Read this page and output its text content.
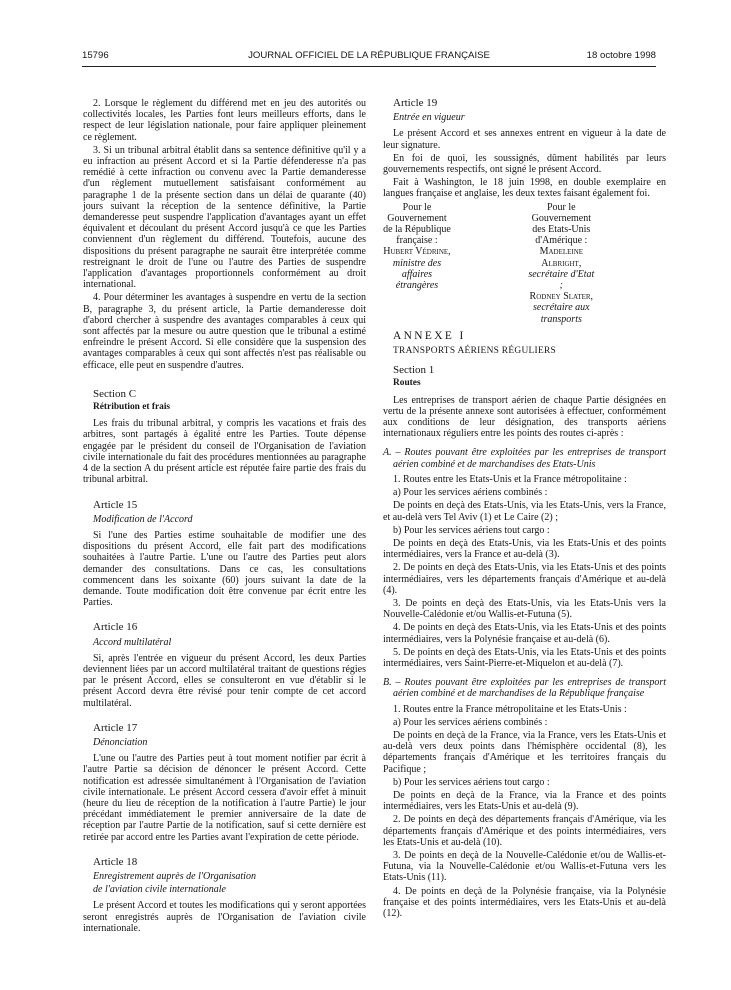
15796	JOURNAL OFFICIEL DE LA RÉPUBLIQUE FRANÇAISE	18 octobre 1998

2. Lorsque le règlement du différend met en jeu des autorités ou collectivités locales, les Parties font leurs meilleurs efforts, dans le respect de leur législation nationale, pour faire appliquer pleinement ce règlement.

3. Si un tribunal arbitral établit dans sa sentence définitive qu'il y a eu infraction au présent Accord et si la Partie défenderesse n'a pas remédié à cette infraction ou convenu avec la Partie demanderesse d'un règlement mutuellement satisfaisant conformément au paragraphe 1 de la présente section dans un délai de quarante (40) jours suivant la réception de la sentence définitive, la Partie demanderesse peut suspendre l'application d'avantages ayant un effet équivalent et découlant du présent Accord jusqu'à ce que les Parties conviennent d'un règlement du différend. Toutefois, aucune des dispositions du présent paragraphe ne saurait être interprétée comme restreignant le droit de l'une ou l'autre des Parties de suspendre l'application d'avantages proportionnels conformément au droit international.

4. Pour déterminer les avantages à suspendre en vertu de la section B, paragraphe 3, du présent article, la Partie demanderesse doit d'abord chercher à suspendre des avantages comparables à ceux qui sont affectés par la mesure ou autre question que le tribunal a estimé enfreindre le présent Accord. Si elle considère que la suspension des avantages comparables à ceux qui sont affectés n'est pas réalisable ou efficace, elle peut en suspendre d'autres.

Section C

Rétribution et frais

Les frais du tribunal arbitral, y compris les vacations et frais des arbitres, sont partagés à égalité entre les Parties. Toute dépense engagée par le président du conseil de l'Organisation de l'aviation civile internationale du fait des procédures mentionnées au paragraphe 4 de la section A du présent article est réputée faire partie des frais du tribunal arbitral.

Article 15

Modification de l'Accord

Si l'une des Parties estime souhaitable de modifier une des dispositions du présent Accord, elle fait part des modifications souhaitées à l'autre Partie. L'une ou l'autre des Parties peut alors demander des consultations. Dans ce cas, les consultations commencent dans les soixante (60) jours suivant la date de la demande. Toute modification doit être convenue par écrit entre les Parties.

Article 16

Accord multilatéral

Si, après l'entrée en vigueur du présent Accord, les deux Parties deviennent liées par un accord multilatéral traitant de questions régies par le présent Accord, elles se consulteront en vue d'établir si le présent Accord devra être révisé pour tenir compte de cet accord multilatéral.

Article 17

Dénonciation

L'une ou l'autre des Parties peut à tout moment notifier par écrit à l'autre Partie sa décision de dénoncer le présent Accord. Cette notification est adressée simultanément à l'Organisation de l'aviation civile internationale. Le présent Accord cessera d'avoir effet à minuit (heure du lieu de réception de la notification à l'autre Partie) le jour précédant immédiatement le premier anniversaire de la date de réception par l'autre Partie de la notification, sauf si cette dernière est retirée par accord entre les Parties avant l'expiration de cette période.

Article 18

Enregistrement auprès de l'Organisation

de l'aviation civile internationale

Le présent Accord et toutes les modifications qui y seront apportées seront enregistrés auprès de l'Organisation de l'aviation civile internationale.

Article 19

Entrée en vigueur

Le présent Accord et ses annexes entrent en vigueur à la date de leur signature.

En foi de quoi, les soussignés, dûment habilités par leurs gouvernements respectifs, ont signé le présent Accord.

Fait à Washington, le 18 juin 1998, en double exemplaire en langues française et anglaise, les deux textes faisant également foi.

Pour le Gouvernement
de la République française :
Hubert Védrine,
ministre des
affaires étrangères
Pour le Gouvernement
des Etats-Unis d'Amérique :
Madeleine Albright,
secrétaire d'Etat ;
Rodney Slater,
secrétaire aux transports

ANNEXE I

TRANSPORTS AÉRIENS RÉGULIERS

Section 1

Routes

Les entreprises de transport aérien de chaque Partie désignées en vertu de la présente annexe sont autorisées à effectuer, conformément aux conditions de leur désignation, des transports aériens internationaux réguliers entre les points des routes ci-après :

A. – Routes pouvant être exploitées par les entreprises de transport aérien combiné et de marchandises des Etats-Unis

1. Routes entre les Etats-Unis et la France métropolitaine :

a) Pour les services aériens combinés :

De points en deçà des Etats-Unis, via les Etats-Unis, vers la France, et au-delà vers Tel Aviv (1) et Le Caire (2) ;

b) Pour les services aériens tout cargo :

De points en deçà des Etats-Unis, via les Etats-Unis et des points intermédiaires, vers la France et au-delà (3).

2. De points en deçà des Etats-Unis, via les Etats-Unis et des points intermédiaires, vers les départements français d'Amérique et au-delà (4).

3. De points en deçà des Etats-Unis, via les Etats-Unis vers la Nouvelle-Calédonie et/ou Wallis-et-Futuna (5).

4. De points en deçà des Etats-Unis, via les Etats-Unis et des points intermédiaires, vers la Polynésie française et au-delà (6).

5. De points en deçà des Etats-Unis, via les Etats-Unis et des points intermédiaires, vers Saint-Pierre-et-Miquelon et au-delà (7).

B. – Routes pouvant être exploitées par les entreprises de transport aérien combiné et de marchandises de la République française

1. Routes entre la France métropolitaine et les Etats-Unis :

a) Pour les services aériens combinés :

De points en deçà de la France, via la France, vers les Etats-Unis et au-delà vers deux points dans l'hémisphère occidental (8), les départements français d'Amérique et les territoires français du Pacifique ;

b) Pour les services aériens tout cargo :

De points en deçà de la France, via la France et des points intermédiaires, vers les Etats-Unis et au-delà (9).

2. De points en deçà des départements français d'Amérique, via les départements français d'Amérique et des points intermédiaires, vers les Etats-Unis et au-delà (10).

3. De points en deçà de la Nouvelle-Calédonie et/ou de Wallis-et-Futuna, via la Nouvelle-Calédonie et/ou Wallis-et-Futuna vers les Etats-Unis (11).

4. De points en deçà de la Polynésie française, via la Polynésie française et des points intermédiaires, vers les Etats-Unis et au-delà (12).
